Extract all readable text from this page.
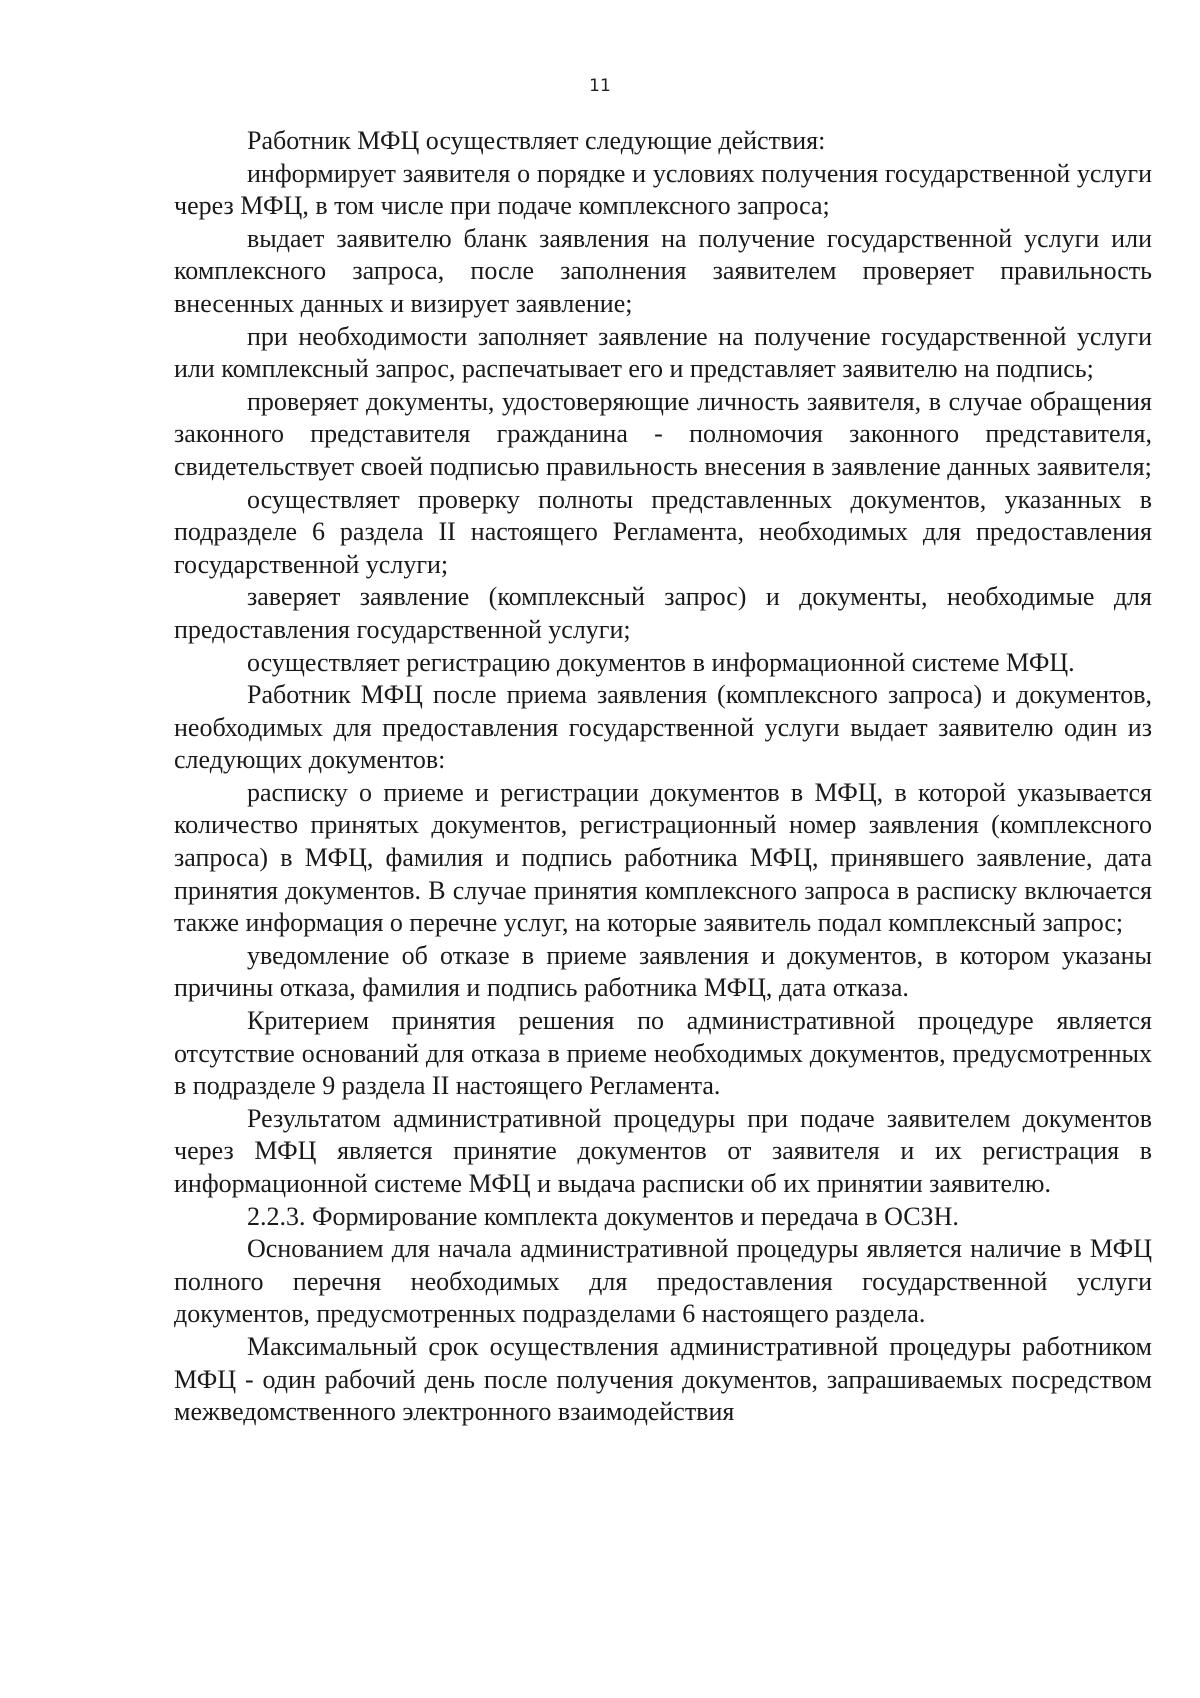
11

Работник МФЦ осуществляет следующие действия:

информирует заявителя о порядке и условиях получения государственной услуги через МФЦ, в том числе при подаче комплексного запроса;

выдает заявителю бланк заявления на получение государственной услуги или комплексного запроса, после заполнения заявителем проверяет правильность внесенных данных и визирует заявление;

при необходимости заполняет заявление на получение государственной услуги или комплексный запрос, распечатывает его и представляет заявителю на подпись;

проверяет документы, удостоверяющие личность заявителя, в случае обращения законного представителя гражданина - полномочия законного представителя, свидетельствует своей подписью правильность внесения в заявление данных заявителя;

осуществляет проверку полноты представленных документов, указанных в подразделе 6 раздела II настоящего Регламента, необходимых для предоставления государственной услуги;

заверяет заявление (комплексный запрос) и документы, необходимые для предоставления государственной услуги;

осуществляет регистрацию документов в информационной системе МФЦ.

Работник МФЦ после приема заявления (комплексного запроса) и документов, необходимых для предоставления государственной услуги выдает заявителю один из следующих документов:

расписку о приеме и регистрации документов в МФЦ, в которой указывается количество принятых документов, регистрационный номер заявления (комплексного запроса) в МФЦ, фамилия и подпись работника МФЦ, принявшего заявление, дата принятия документов. В случае принятия комплексного запроса в расписку включается также информация о перечне услуг, на которые заявитель подал комплексный запрос;

уведомление об отказе в приеме заявления и документов, в котором указаны причины отказа, фамилия и подпись работника МФЦ, дата отказа.

Критерием принятия решения по административной процедуре является отсутствие оснований для отказа в приеме необходимых документов, предусмотренных в подразделе 9 раздела II настоящего Регламента.

Результатом административной процедуры при подаче заявителем документов через МФЦ является принятие документов от заявителя и их регистрация в информационной системе МФЦ и выдача расписки об их принятии заявителю.

2.2.3. Формирование комплекта документов и передача в ОСЗН.

Основанием для начала административной процедуры является наличие в МФЦ полного перечня необходимых для предоставления государственной услуги документов, предусмотренных подразделами 6 настоящего раздела.

Максимальный срок осуществления административной процедуры работником МФЦ - один рабочий день после получения документов, запрашиваемых посредством межведомственного электронного взаимодействия
